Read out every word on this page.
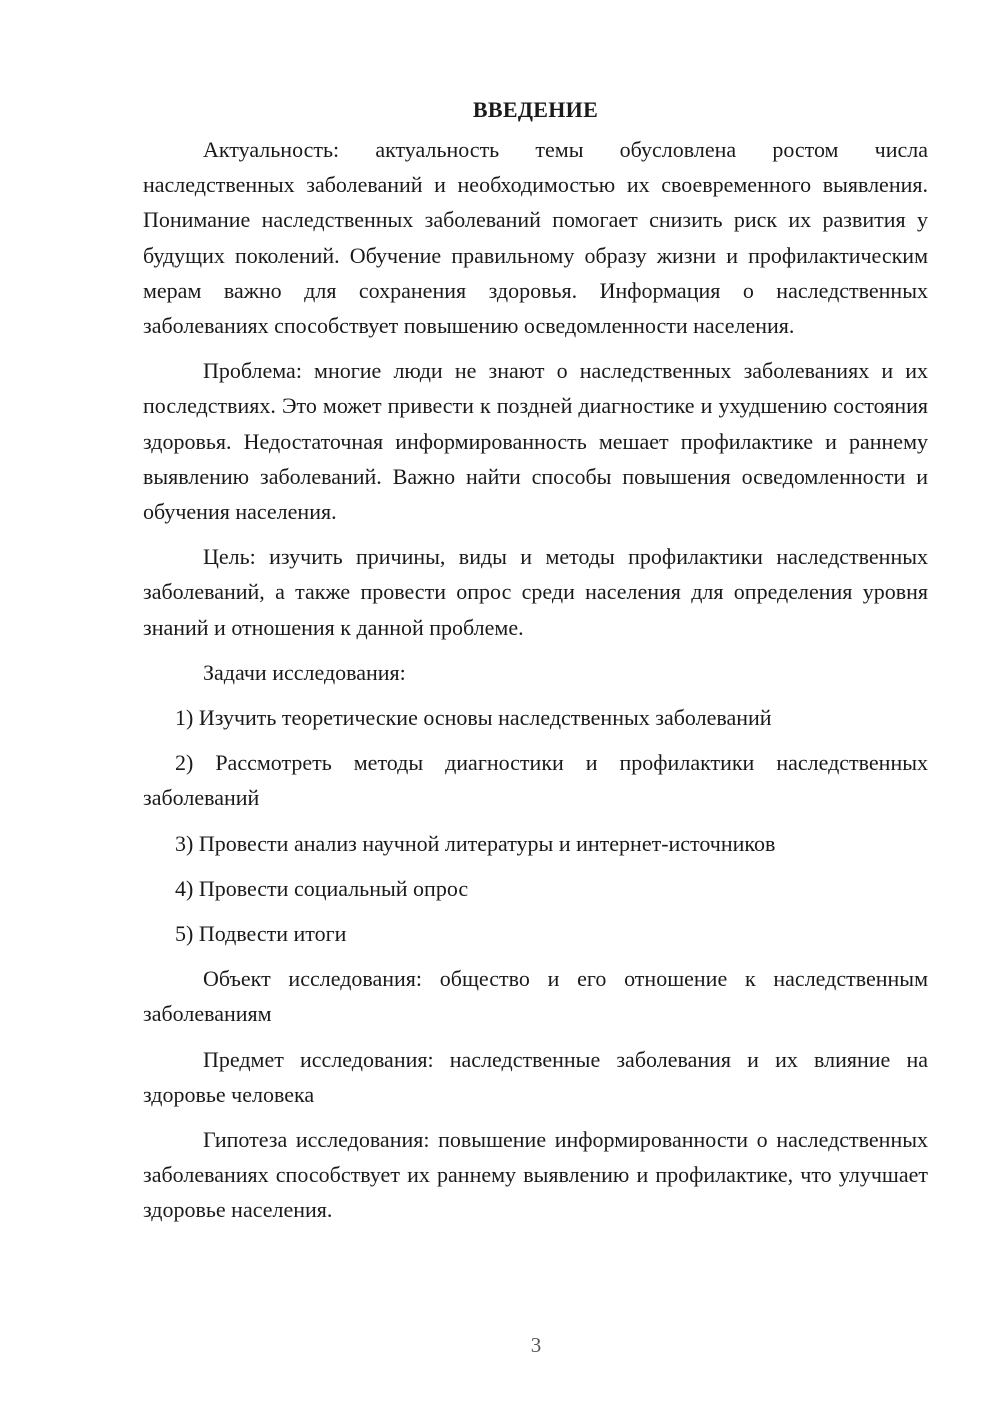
ВВЕДЕНИЕ

Актуальность: актуальность темы обусловлена ростом числа наследственных заболеваний и необходимостью их своевременного выявления. Понимание наследственных заболеваний помогает снизить риск их развития у будущих поколений. Обучение правильному образу жизни и профилактическим мерам важно для сохранения здоровья. Информация о наследственных заболеваниях способствует повышению осведомленности населения.

Проблема: многие люди не знают о наследственных заболеваниях и их последствиях. Это может привести к поздней диагностике и ухудшению состояния здоровья. Недостаточная информированность мешает профилактике и раннему выявлению заболеваний. Важно найти способы повышения осведомленности и обучения населения.

Цель: изучить причины, виды и методы профилактики наследственных заболеваний, а также провести опрос среди населения для определения уровня знаний и отношения к данной проблеме.

Задачи исследования:

1) Изучить теоретические основы наследственных заболеваний

2) Рассмотреть методы диагностики и профилактики наследственных заболеваний

3) Провести анализ научной литературы и интернет-источников

4) Провести социальный опрос

5) Подвести итоги

Объект исследования: общество и его отношение к наследственным заболеваниям

Предмет исследования: наследственные заболевания и их влияние на здоровье человека

Гипотеза исследования: повышение информированности о наследственных заболеваниях способствует их раннему выявлению и профилактике, что улучшает здоровье населения.

3
